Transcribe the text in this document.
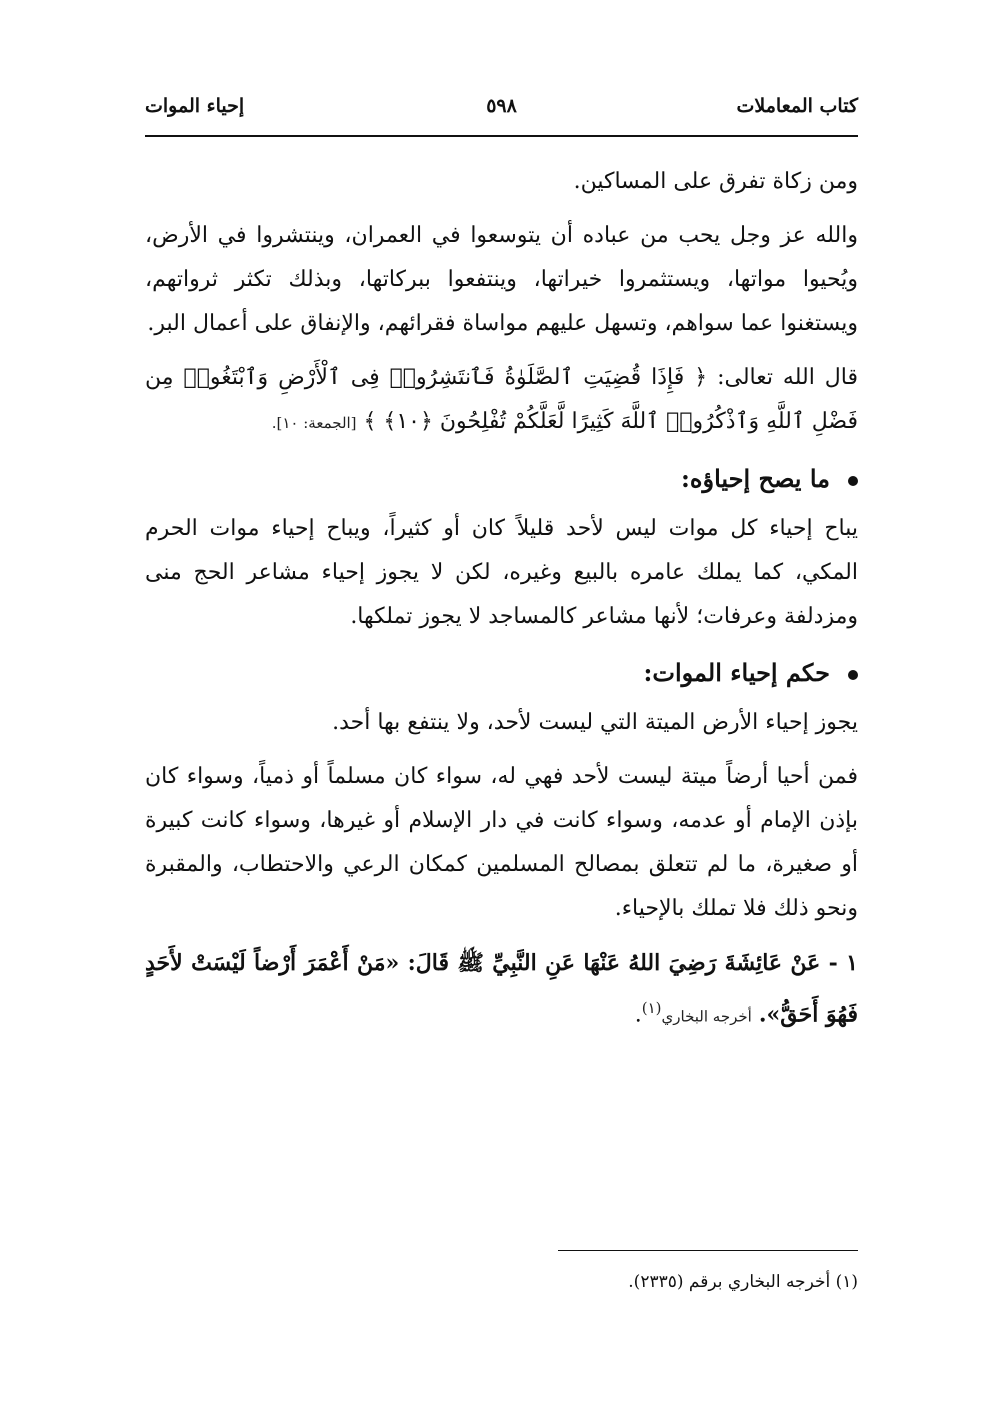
كتاب المعاملات
٥٩٨
إحياء الموات

ومن زكاة تفرق على المساكين.

والله عز وجل يحب من عباده أن يتوسعوا في العمران، وينتشروا في الأرض، ويُحيوا مواتها، ويستثمروا خيراتها، وينتفعوا ببركاتها، وبذلك تكثر ثرواتهم، ويستغنوا عما سواهم، وتسهل عليهم مواساة فقرائهم، والإنفاق على أعمال البر.

قال الله تعالى: ﴿ فَإِذَا قُضِيَتِ ٱلصَّلَوٰةُ فَٱنتَشِرُوا۟ فِى ٱلْأَرْضِ وَٱبْتَغُوا۟ مِن فَضْلِ ٱللَّهِ وَٱذْكُرُوا۟ ٱللَّهَ كَثِيرًا لَّعَلَّكُمْ تُفْلِحُونَ ﴿١٠﴾ ﴾ [الجمعة: ١٠].

ما يصح إحياؤه:

يباح إحياء كل موات ليس لأحد قليلاً كان أو كثيراً، ويباح إحياء موات الحرم المكي، كما يملك عامره بالبيع وغيره، لكن لا يجوز إحياء مشاعر الحج منى ومزدلفة وعرفات؛ لأنها مشاعر كالمساجد لا يجوز تملكها.

حكم إحياء الموات:

يجوز إحياء الأرض الميتة التي ليست لأحد، ولا ينتفع بها أحد.

فمن أحيا أرضاً ميتة ليست لأحد فهي له، سواء كان مسلماً أو ذمياً، وسواء كان بإذن الإمام أو عدمه، وسواء كانت في دار الإسلام أو غيرها، وسواء كانت كبيرة أو صغيرة، ما لم تتعلق بمصالح المسلمين كمكان الرعي والاحتطاب، والمقبرة ونحو ذلك فلا تملك بالإحياء.

١ - عَنْ عَائِشَةَ رَضِيَ اللهُ عَنْهَا عَنِ النَّبِيِّ ﷺ قَالَ: «مَنْ أَعْمَرَ أَرْضاً لَيْسَتْ لأَحَدٍ فَهُوَ أَحَقُّ». أخرجه البخاري$^{(١)}$.

(١) أخرجه البخاري برقم (٢٣٣٥).
